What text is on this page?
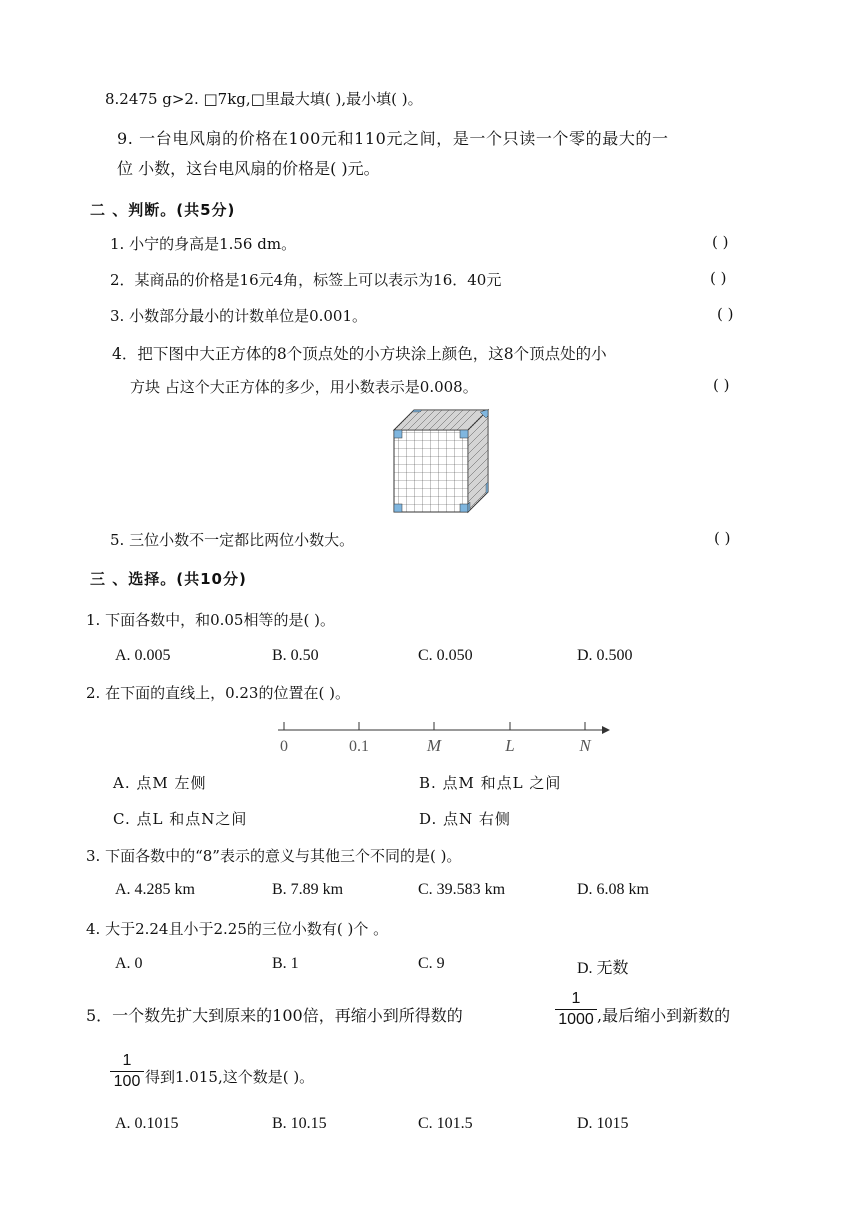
8.2475 g>2. □7kg,□里最大填( ),最小填( )。
9. 一台电风扇的价格在100元和110元之间，是一个只读一个零的最大的一
位 小数，这台电风扇的价格是( )元。
二 、判断。(共5分)
1. 小宁的身高是1.56 dm。	( )
2．某商品的价格是16元4角，标签上可以表示为16．40元	( )
3. 小数部分最小的计数单位是0.001。	( )
4．把下图中大正方体的8个顶点处的小方块涂上颜色，这8个顶点处的小
方块 占这个大正方体的多少，用小数表示是0.008。	( )
5. 三位小数不一定都比两位小数大。	( )
三 、选择。(共10分)
1. 下面各数中，和0.05相等的是( )。
A. 0.005	B. 0.50	C. 0.050	D. 0.500
2. 在下面的直线上，0.23的位置在( )。
0	0.1	M	L	N
A. 点M 左侧	B. 点M 和点L 之间
C. 点L 和点N之间	D. 点N 右侧
3. 下面各数中的“8”表示的意义与其他三个不同的是( )。
A. 4.285 km	B. 7.89 km	C. 39.583 km	D. 6.08 km
4. 大于2.24且小于2.25的三位小数有( )个 。
A. 0	B. 1	C. 9	D. 无数
5．一个数先扩大到原来的100倍，再缩小到所得数的
1
1000 ,最后缩小到新数的
1
100 得到1.015,这个数是( )。
A. 0.1015	B. 10.15	C. 101.5	D. 1015
